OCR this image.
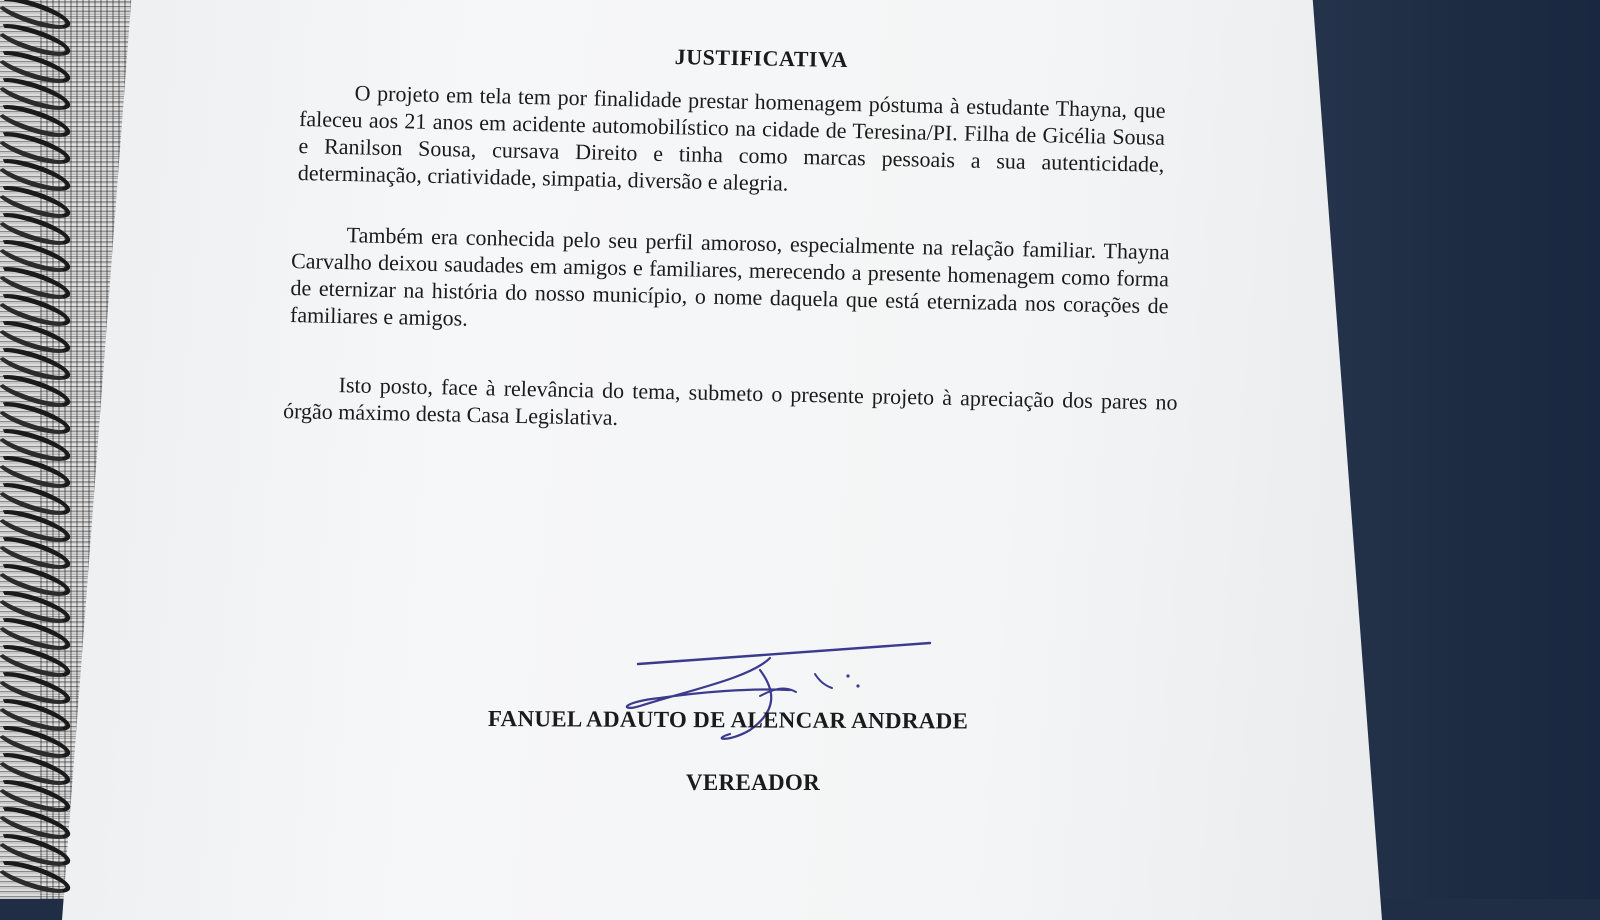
JUSTIFICATIVA
O projeto em tela tem por finalidade prestar homenagem póstuma à estudante Thayna, que faleceu aos 21 anos em acidente automobilístico na cidade de Teresina/PI. Filha de Gicélia Sousa e Ranilson Sousa, cursava Direito e tinha como marcas pessoais a sua autenticidade, determinação, criatividade, simpatia, diversão e alegria.
Também era conhecida pelo seu perfil amoroso, especialmente na relação familiar. Thayna Carvalho deixou saudades em amigos e familiares, merecendo a presente homenagem como forma de eternizar na história do nosso município, o nome daquela que está eternizada nos corações de familiares e amigos.
Isto posto, face à relevância do tema, submeto o presente projeto à apreciação dos pares no órgão máximo desta Casa Legislativa.
FANUEL ADAUTO DE ALENCAR ANDRADE
VEREADOR
